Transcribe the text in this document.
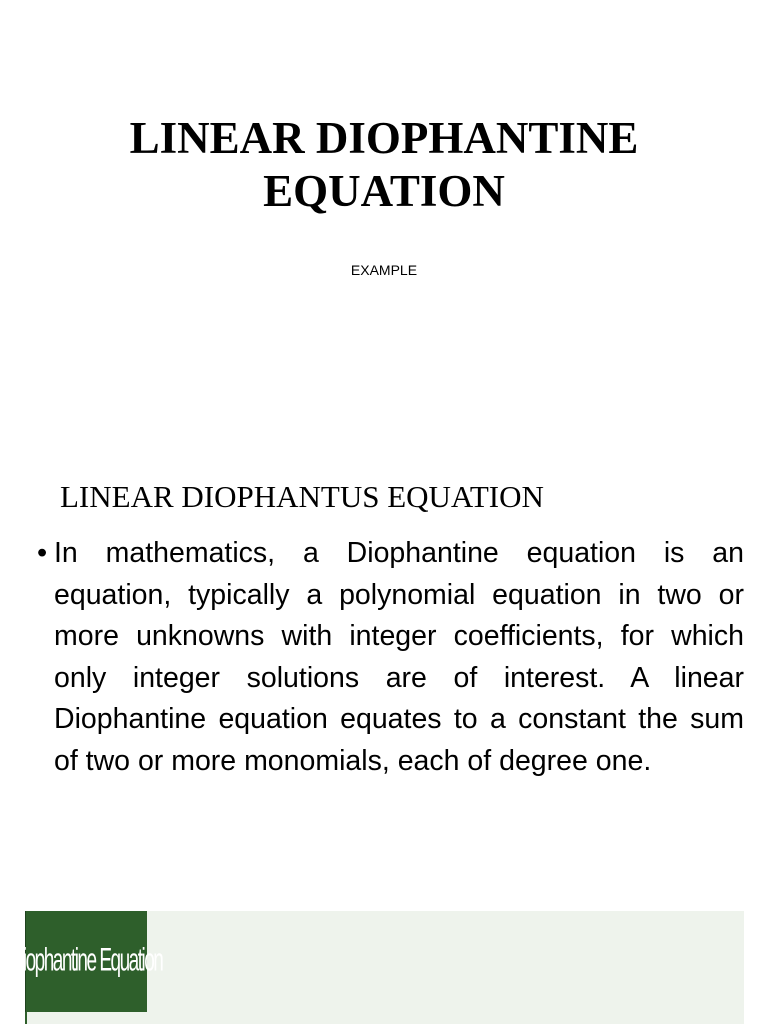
LINEAR DIOPHANTINE
EQUATION
EXAMPLE
LINEAR DIOPHANTUS EQUATION
• In mathematics, a Diophantine equation is an equation, typically a polynomial equation in two or more unknowns with integer coefficients, for which only integer solutions are of interest. A linear Diophantine equation equates to a constant the sum of two or more monomials, each of degree one.

Diophantine Equation
